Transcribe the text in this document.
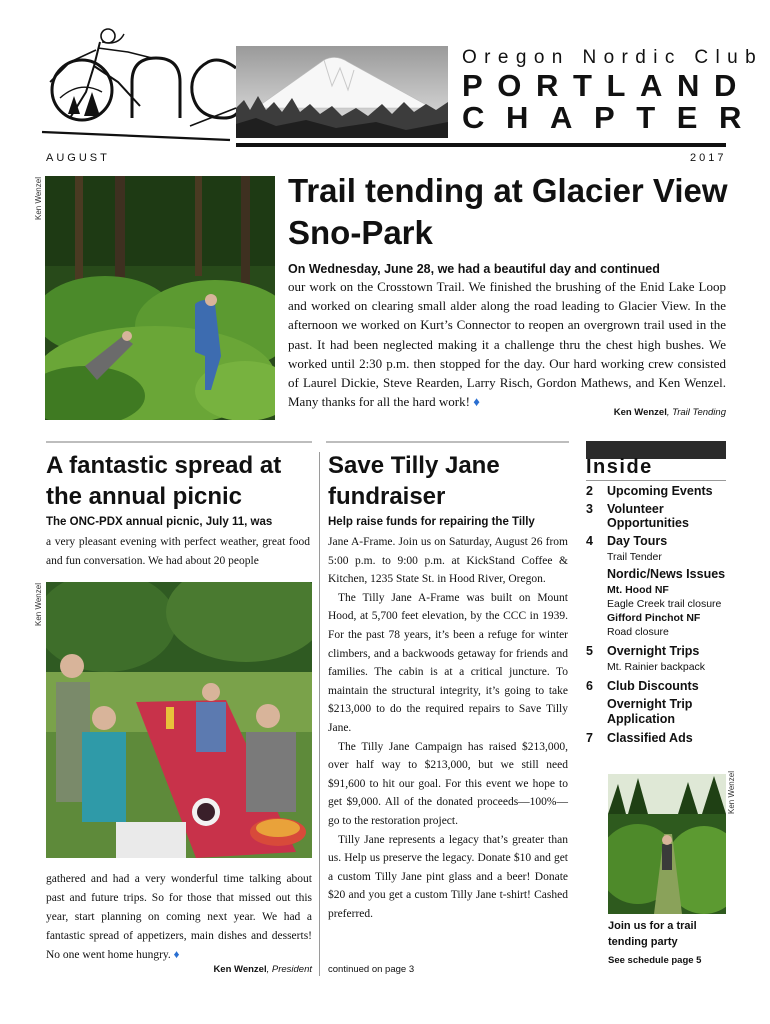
Oregon Nordic Club
PORTLAND
CHAPTER
AUGUST	2017
Ken Wenzel	Trail tending at Glacier View Sno-Park
On Wednesday, June 28, we had a beautiful day and continued
our work on the Crosstown Trail. We finished the brushing of the Enid Lake Loop and worked on clearing small alder along the road leading to Glacier View. In the afternoon we worked on Kurt’s Connector to reopen an overgrown trail used in the past. It had been neglected making it a challenge thru the chest high bushes. We worked until 2:30 p.m. then stopped for the day. Our hard working crew consisted of Laurel Dickie, Steve Rearden, Larry Risch, Gordon Mathews, and Ken Wenzel. Many thanks for all the hard work! ♦
Ken Wenzel, Trail Tending
A fantastic spread at the annual picnic
The ONC-PDX annual picnic, July 11, was
a very pleasant evening with perfect weather, great food and fun conversation. We had about 20 people
Ken Wenzel
gathered and had a very wonderful time talking about past and future trips. So for those that missed out this year, start planning on coming next year. We had a fantastic spread of appetizers, main dishes and desserts! No one went home hungry. ♦
Ken Wenzel, President
Save Tilly Jane fundraiser
Help raise funds for repairing the Tilly
Jane A-Frame. Join us on Saturday, August 26 from 5:00 p.m. to 9:00 p.m. at KickStand Coffee & Kitchen, 1235 State St. in Hood River, Oregon.
The Tilly Jane A-Frame was built on Mount Hood, at 5,700 feet elevation, by the CCC in 1939. For the past 78 years, it’s been a refuge for winter climbers, and a backwoods getaway for friends and families. The cabin is at a critical juncture. To maintain the structural integrity, it’s going to take $213,000 to do the required repairs to Save Tilly Jane.
The Tilly Jane Campaign has raised $213,000, over half way to $213,000, but we still need $91,600 to hit our goal. For this event we hope to get $9,000. All of the donated proceeds—100%—go to the restoration project.
Tilly Jane represents a legacy that’s greater than us. Help us preserve the legacy. Donate $10 and get a custom Tilly Jane pint glass and a beer! Donate $20 and you get a custom Tilly Jane t-shirt! Cashed preferred.
continued on page 3
Inside
2 Upcoming Events
3 Volunteer
Opportunities
4 Day Tours
Trail Tender
Nordic/News Issues
Mt. Hood NF
Eagle Creek trail closure
Gifford Pinchot NF
Road closure
5 Overnight Trips
Mt. Rainier backpack
6 Club Discounts
Overnight Trip
Application
7 Classified Ads
Ken Wenzel
Join us for a trail
tending party
See schedule page 5
